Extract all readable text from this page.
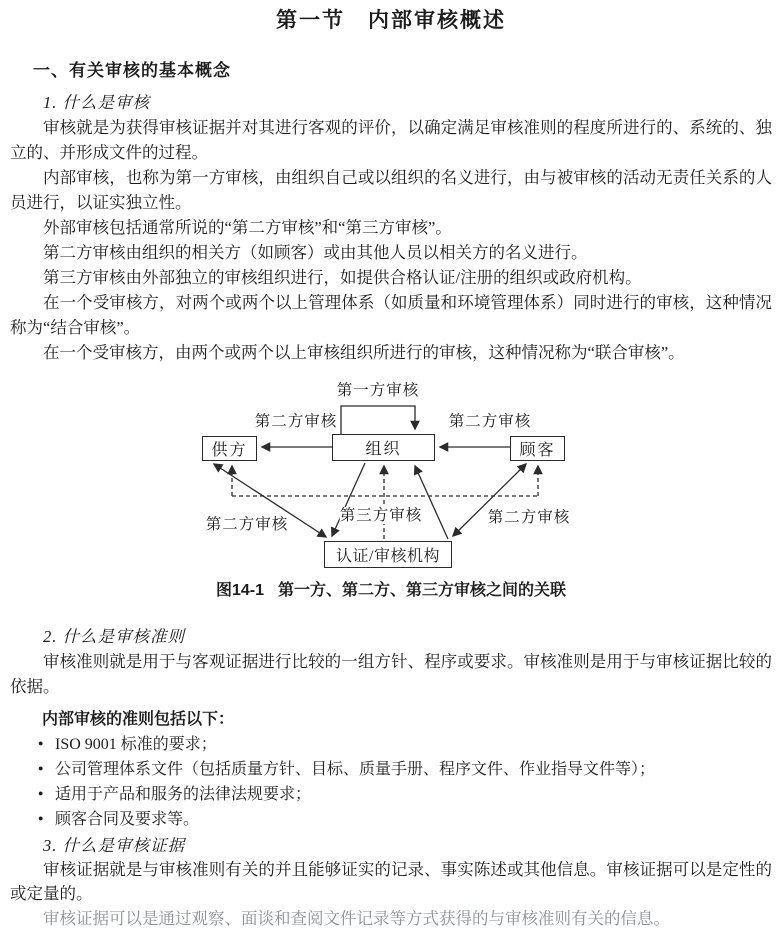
第一节　内部审核概述
一、有关审核的基本概念

1. 什么是审核

审核就是为获得审核证据并对其进行客观的评价，以确定满足审核准则的程度所进行的、系统的、独立的、并形成文件的过程。

内部审核，也称为第一方审核，由组织自己或以组织的名义进行，由与被审核的活动无责任关系的人员进行，以证实独立性。

外部审核包括通常所说的“第二方审核”和“第三方审核”。

第二方审核由组织的相关方（如顾客）或由其他人员以相关方的名义进行。

第三方审核由外部独立的审核组织进行，如提供合格认证/注册的组织或政府机构。

在一个受审核方，对两个或两个以上管理体系（如质量和环境管理体系）同时进行的审核，这种情况称为“结合审核”。

在一个受审核方，由两个或两个以上审核组织所进行的审核，这种情况称为“联合审核”。

供方	组织	顾客
认证/审核机构
第一方审核
第二方审核	第二方审核
第二方审核
第三方审核	第二方审核
图14-1 第一方、第二方、第三方审核之间的关联

2. 什么是审核准则

审核准则就是用于与客观证据进行比较的一组方针、程序或要求。审核准则是用于与审核证据比较的依据。

内部审核的准则包括以下：

●
ISO 9001 标准的要求；
●
公司管理体系文件（包括质量方针、目标、质量手册、程序文件、作业指导文件等）；
●
适用于产品和服务的法律法规要求；
●
顾客合同及要求等。

3. 什么是审核证据

审核证据就是与审核准则有关的并且能够证实的记录、事实陈述或其他信息。审核证据可以是定性的或定量的。

审核证据可以是通过观察、面谈和查阅文件记录等方式获得的与审核准则有关的信息。
